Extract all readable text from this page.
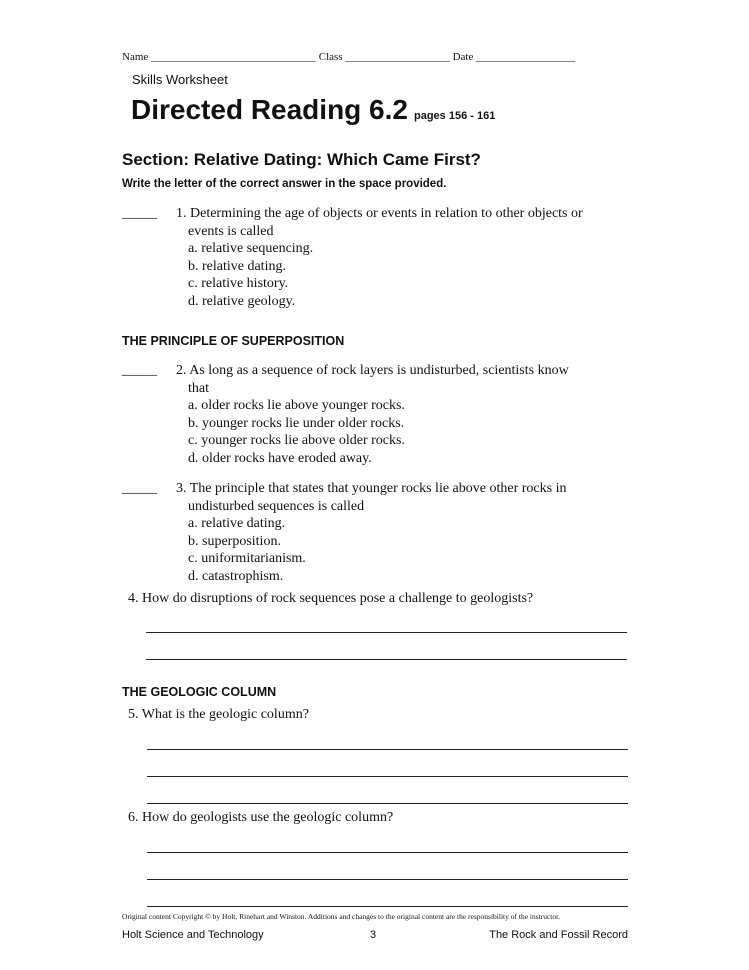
Name ______________________________ Class ___________________ Date __________________
Skills Worksheet
Directed Reading 6.2 pages 156 - 161
Section: Relative Dating: Which Came First?
Write the letter of the correct answer in the space provided.
_____	1. Determining the age of objects or events in relation to other objects or
events is called
a. relative sequencing.
b. relative dating.
c. relative history.
d. relative geology.
THE PRINCIPLE OF SUPERPOSITION
_____	2. As long as a sequence of rock layers is undisturbed, scientists know
that
a. older rocks lie above younger rocks.
b. younger rocks lie under older rocks.
c. younger rocks lie above older rocks.
d. older rocks have eroded away.
_____	3. The principle that states that younger rocks lie above other rocks in
undisturbed sequences is called
a. relative dating.
b. superposition.
c. uniformitarianism.
d. catastrophism.
4. How do disruptions of rock sequences pose a challenge to geologists?
THE GEOLOGIC COLUMN
5. What is the geologic column?
6. How do geologists use the geologic column?
Original content Copyright © by Holt, Rinehart and Winston. Additions and changes to the original content are the responsibility of the instructor.
Holt Science and Technology	3	The Rock and Fossil Record
